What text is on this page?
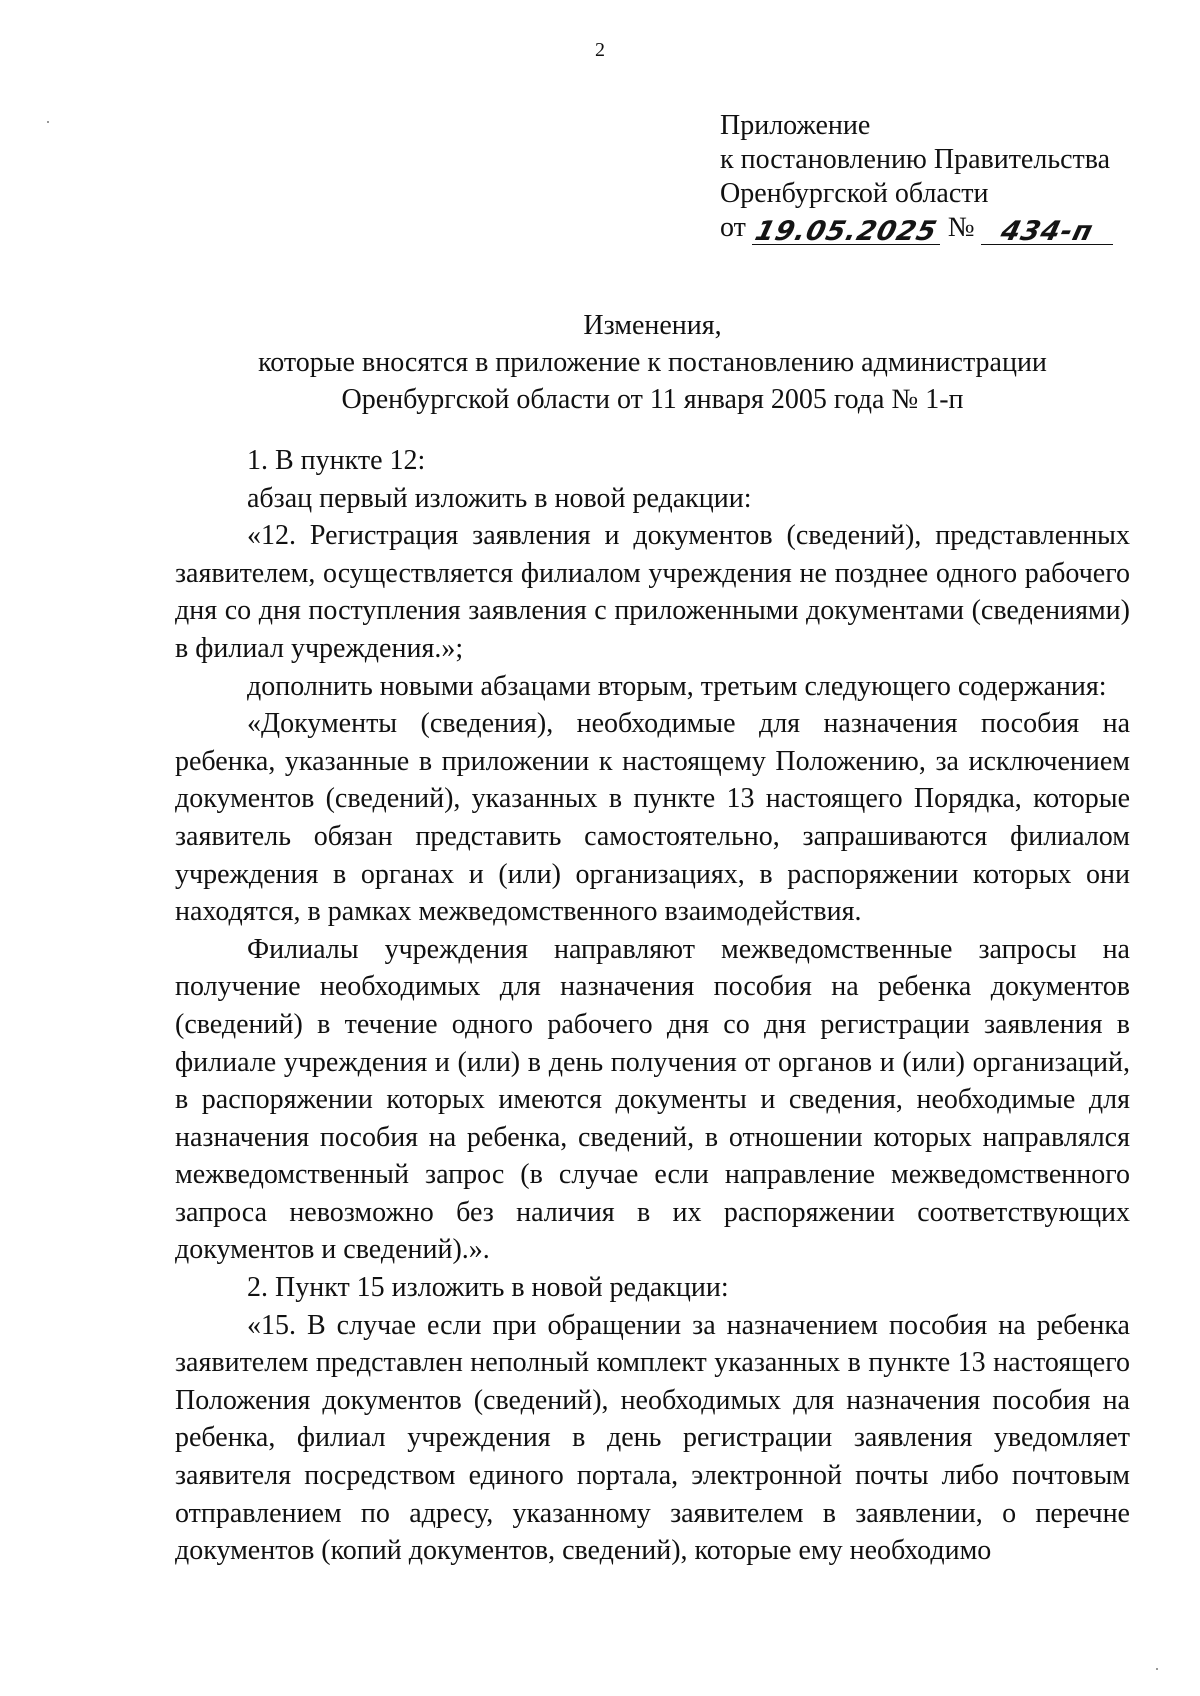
2
Приложение
к постановлению Правительства
Оренбургской области
от 19.05.2025 № 434-п
Изменения,
которые вносятся в приложение к постановлению администрации
Оренбургской области от 11 января 2005 года № 1-п

1. В пункте 12:

абзац первый изложить в новой редакции:

«12. Регистрация заявления и документов (сведений), представленных заявителем, осуществляется филиалом учреждения не позднее одного рабочего дня со дня поступления заявления с приложенными документами (сведениями) в филиал учреждения.»;

дополнить новыми абзацами вторым, третьим следующего содержания:

«Документы (сведения), необходимые для назначения пособия на ребенка, указанные в приложении к настоящему Положению, за исключением документов (сведений), указанных в пункте 13 настоящего Порядка, которые заявитель обязан представить самостоятельно, запрашиваются филиалом учреждения в органах и (или) организациях, в распоряжении которых они находятся, в рамках межведомственного взаимодействия.

Филиалы учреждения направляют межведомственные запросы на получение необходимых для назначения пособия на ребенка документов (сведений) в течение одного рабочего дня со дня регистрации заявления в филиале учреждения и (или) в день получения от органов и (или) организаций, в распоряжении которых имеются документы и сведения, необходимые для назначения пособия на ребенка, сведений, в отношении которых направлялся межведомственный запрос (в случае если направление межведомственного запроса невозможно без наличия в их распоряжении соответствующих документов и сведений).».

2. Пункт 15 изложить в новой редакции:

«15. В случае если при обращении за назначением пособия на ребенка заявителем представлен неполный комплект указанных в пункте 13 настоящего Положения документов (сведений), необходимых для назначения пособия на ребенка, филиал учреждения в день регистрации заявления уведомляет заявителя посредством единого портала, электронной почты либо почтовым отправлением по адресу, указанному заявителем в заявлении, о перечне документов (копий документов, сведений), которые ему необходимо
